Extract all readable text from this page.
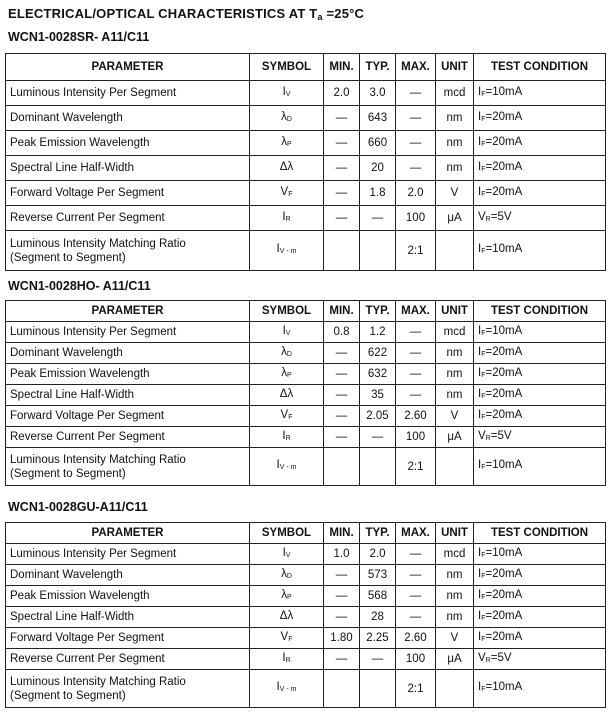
ELECTRICAL/OPTICAL CHARACTERISTICS AT $T_a =25^\circ C$
WCN1-0028SR- A11/C11
PARAMETER	SYMBOL	MIN.	TYP.	MAX.	UNIT	TEST CONDITION
Luminous Intensity Per Segment	IV	2.0	3.0	—	mcd	IF=10mA
Dominant Wavelength	λD	—	643	—	nm	IF=20mA
Peak Emission Wavelength	λP	—	660	—	nm	IF=20mA
Spectral Line Half-Width	Δλ	—	20	—	nm	IF=20mA
Forward Voltage Per Segment	VF	—	1.8	2.0	V	IF=20mA
Reverse Current Per Segment	IR	—	—	100	μA	VR=5V
Luminous Intensity Matching Ratio
(Segment to Segment)	IV - m			2:1		IF=10mA
WCN1-0028HO- A11/C11
PARAMETER	SYMBOL	MIN.	TYP.	MAX.	UNIT	TEST CONDITION
Luminous Intensity Per Segment	IV	0.8	1.2	—	mcd	IF=10mA
Dominant Wavelength	λD	—	622	—	nm	IF=20mA
Peak Emission Wavelength	λP	—	632	—	nm	IF=20mA
Spectral Line Half-Width	Δλ	—	35	—	nm	IF=20mA
Forward Voltage Per Segment	VF	—	2.05	2.60	V	IF=20mA
Reverse Current Per Segment	IR	—	—	100	μA	VR=5V
Luminous Intensity Matching Ratio
(Segment to Segment)	IV - m			2:1		IF=10mA
WCN1-0028GU-A11/C11
PARAMETER	SYMBOL	MIN.	TYP.	MAX.	UNIT	TEST CONDITION
Luminous Intensity Per Segment	IV	1.0	2.0	—	mcd	IF=10mA
Dominant Wavelength	λD	—	573	—	nm	IF=20mA
Peak Emission Wavelength	λP	—	568	—	nm	IF=20mA
Spectral Line Half-Width	Δλ	—	28	—	nm	IF=20mA
Forward Voltage Per Segment	VF	1.80	2.25	2.60	V	IF=20mA
Reverse Current Per Segment	IR	—	—	100	μA	VR=5V
Luminous Intensity Matching Ratio
(Segment to Segment)	IV - m			2:1		IF=10mA
